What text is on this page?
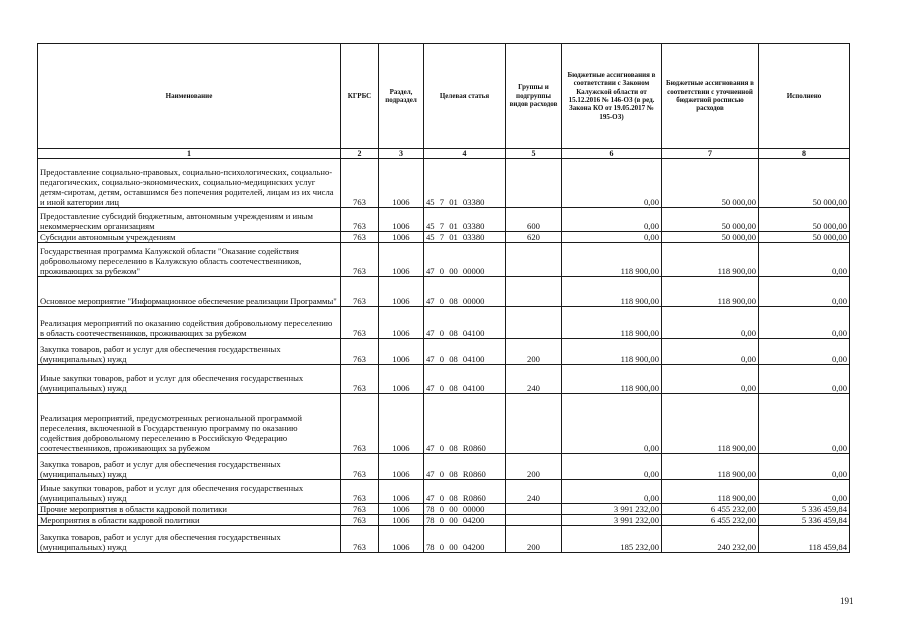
Наименование	КГРБС	Раздел, подраздел	Целевая статья	Группы и подгруппы видов расходов	Бюджетные ассигнования в соответствии с Законом Калужской области от 15.12.2016 № 146-ОЗ (в ред. Закона КО от 19.05.2017 № 195-ОЗ)	Бюджетные ассигнования в соответствии с уточненной бюджетной росписью расходов	Исполнено
1	2	3	4	5	6	7	8
Предоставление социально-правовых, социально-психологических, социально-педагогических, социально-экономических, социально-медицинских услуг детям-сиротам, детям, оставшимся без попечения родителей, лицам из их числа и иной категории лиц	763	1006	45 7 01 03380		0,00	50 000,00	50 000,00
Предоставление субсидий бюджетным, автономным учреждениям и иным некоммерческим организациям	763	1006	45 7 01 03380	600	0,00	50 000,00	50 000,00
Субсидии автономным учреждениям	763	1006	45 7 01 03380	620	0,00	50 000,00	50 000,00
Государственная программа Калужской области "Оказание содействия добровольному переселению в Калужскую область соотечественников, проживающих за рубежом"	763	1006	47 0 00 00000		118 900,00	118 900,00	0,00
Основное мероприятие "Информационное обеспечение реализации Программы"	763	1006	47 0 08 00000		118 900,00	118 900,00	0,00
Реализация мероприятий по оказанию содействия добровольному переселению в область соотечественников, проживающих за рубежом	763	1006	47 0 08 04100		118 900,00	0,00	0,00
Закупка товаров, работ и услуг для обеспечения государственных (муниципальных) нужд	763	1006	47 0 08 04100	200	118 900,00	0,00	0,00
Иные закупки товаров, работ и услуг для обеспечения государственных (муниципальных) нужд	763	1006	47 0 08 04100	240	118 900,00	0,00	0,00
Реализация мероприятий, предусмотренных региональной программой переселения, включенной в Государственную программу по оказанию содействия добровольному переселению в Российскую Федерацию соотечественников, проживающих за рубежом	763	1006	47 0 08 R0860		0,00	118 900,00	0,00
Закупка товаров, работ и услуг для обеспечения государственных (муниципальных) нужд	763	1006	47 0 08 R0860	200	0,00	118 900,00	0,00
Иные закупки товаров, работ и услуг для обеспечения государственных (муниципальных) нужд	763	1006	47 0 08 R0860	240	0,00	118 900,00	0,00
Прочие мероприятия в области кадровой политики	763	1006	78 0 00 00000		3 991 232,00	6 455 232,00	5 336 459,84
Мероприятия в области кадровой политики	763	1006	78 0 00 04200		3 991 232,00	6 455 232,00	5 336 459,84
Закупка товаров, работ и услуг для обеспечения государственных (муниципальных) нужд	763	1006	78 0 00 04200	200	185 232,00	240 232,00	118 459,84
191
